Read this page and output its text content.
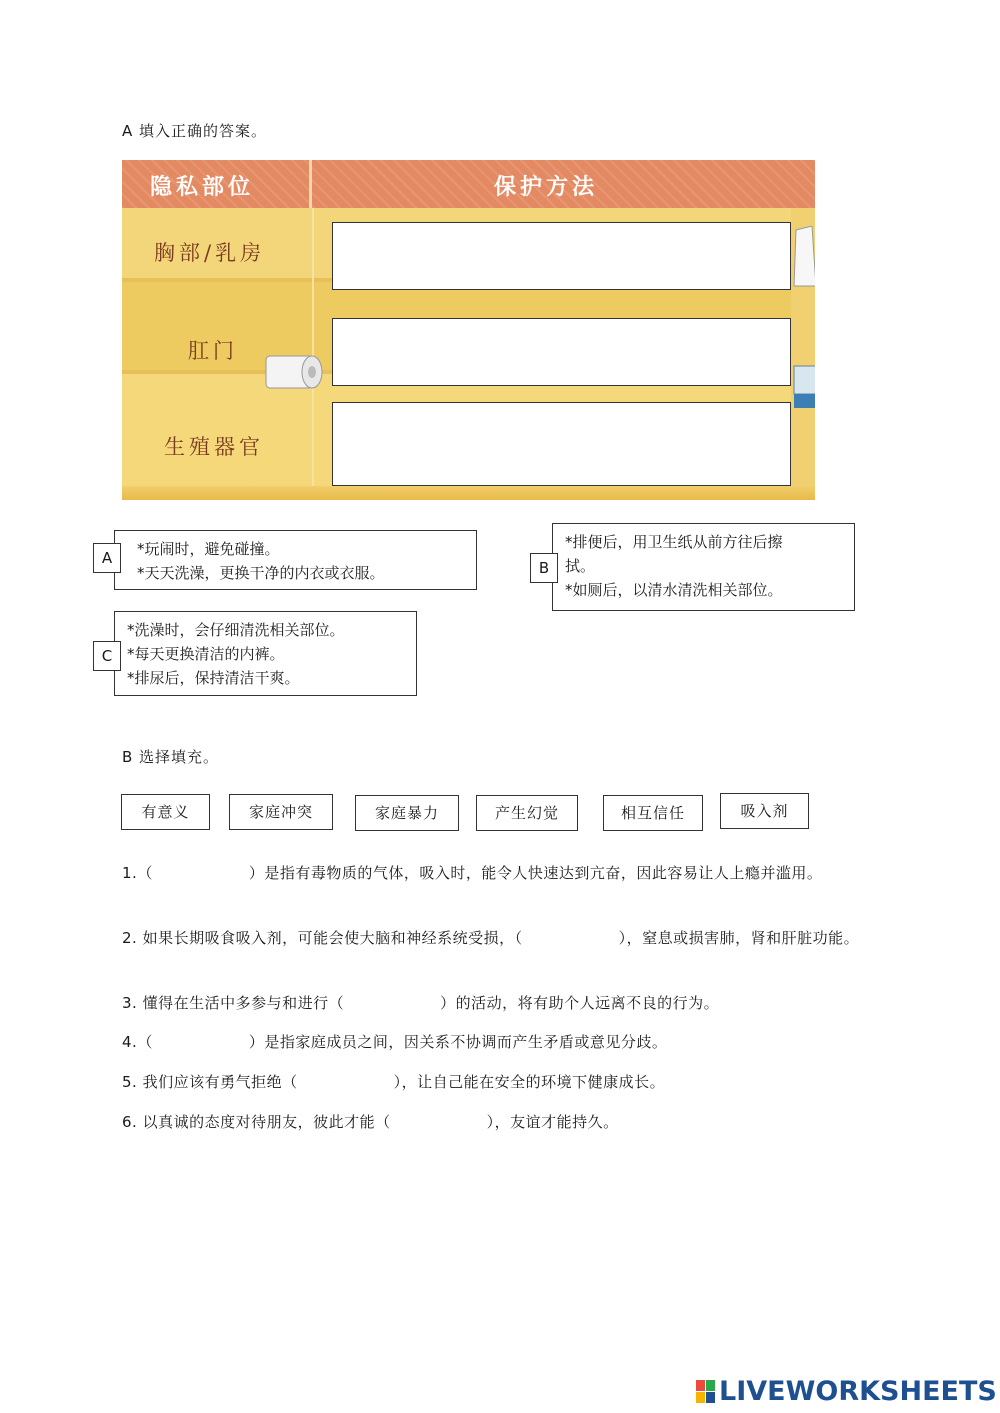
A 填入正确的答案。
隐私部位	保护方法
胸部/乳房
肛门
生殖器官
*玩闹时，避免碰撞。
*天天洗澡，更换干净的内衣或衣服。
A
*排便后，用卫生纸从前方往后擦
拭。
*如厕后，以清水清洗相关部位。
B
*洗澡时，会仔细清洗相关部位。
*每天更换清洁的内裤。
*排尿后，保持清洁干爽。
C
B 选择填充。
有意义	家庭冲突	家庭暴力	产生幻觉	相互信任	吸入剂
1.（	）是指有毒物质的气体，吸入时，能令人快速达到亢奋，因此容易让人上瘾并滥用。
2. 如果长期吸食吸入剂，可能会使大脑和神经系统受损，（	），窒息或损害肺，肾和肝脏功能。
3. 懂得在生活中多参与和进行（	）的活动，将有助个人远离不良的行为。
4.（	）是指家庭成员之间，因关系不协调而产生矛盾或意见分歧。
5. 我们应该有勇气拒绝（	），让自己能在安全的环境下健康成长。
6. 以真诚的态度对待朋友，彼此才能（	），友谊才能持久。
LIVEWORKSHEETS
